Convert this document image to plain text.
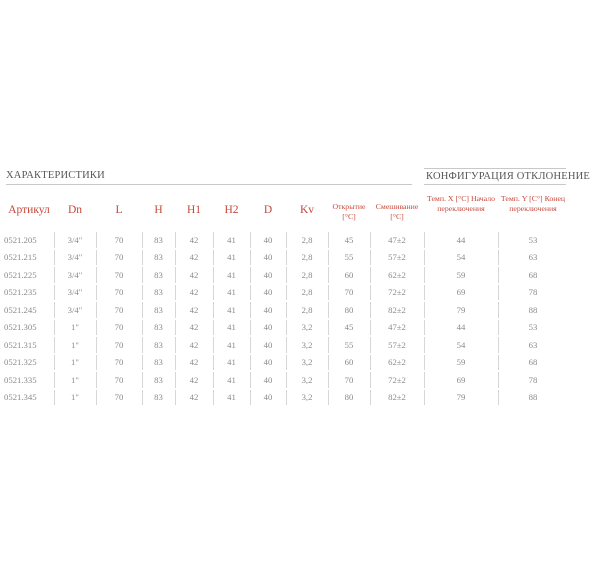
ХАРАКТЕРИСТИКИ	КОНФИГУРАЦИЯ ОТКЛОНЕНИЕ
Артикул	Dn	L	H	H1	H2	D	Kv	Открытие [°C]	Смешивание [°C]	Темп. X [°C] Начало переключения	Темп. Y [C°] Конец переключения
0521.205	3/4"	70	83	42	41	40	2,8	45	47±2	44	53
0521.215	3/4"	70	83	42	41	40	2,8	55	57±2	54	63
0521.225	3/4"	70	83	42	41	40	2,8	60	62±2	59	68
0521.235	3/4"	70	83	42	41	40	2,8	70	72±2	69	78
0521.245	3/4"	70	83	42	41	40	2,8	80	82±2	79	88
0521.305	1"	70	83	42	41	40	3,2	45	47±2	44	53
0521.315	1"	70	83	42	41	40	3,2	55	57±2	54	63
0521.325	1"	70	83	42	41	40	3,2	60	62±2	59	68
0521.335	1"	70	83	42	41	40	3,2	70	72±2	69	78
0521.345	1"	70	83	42	41	40	3,2	80	82±2	79	88
